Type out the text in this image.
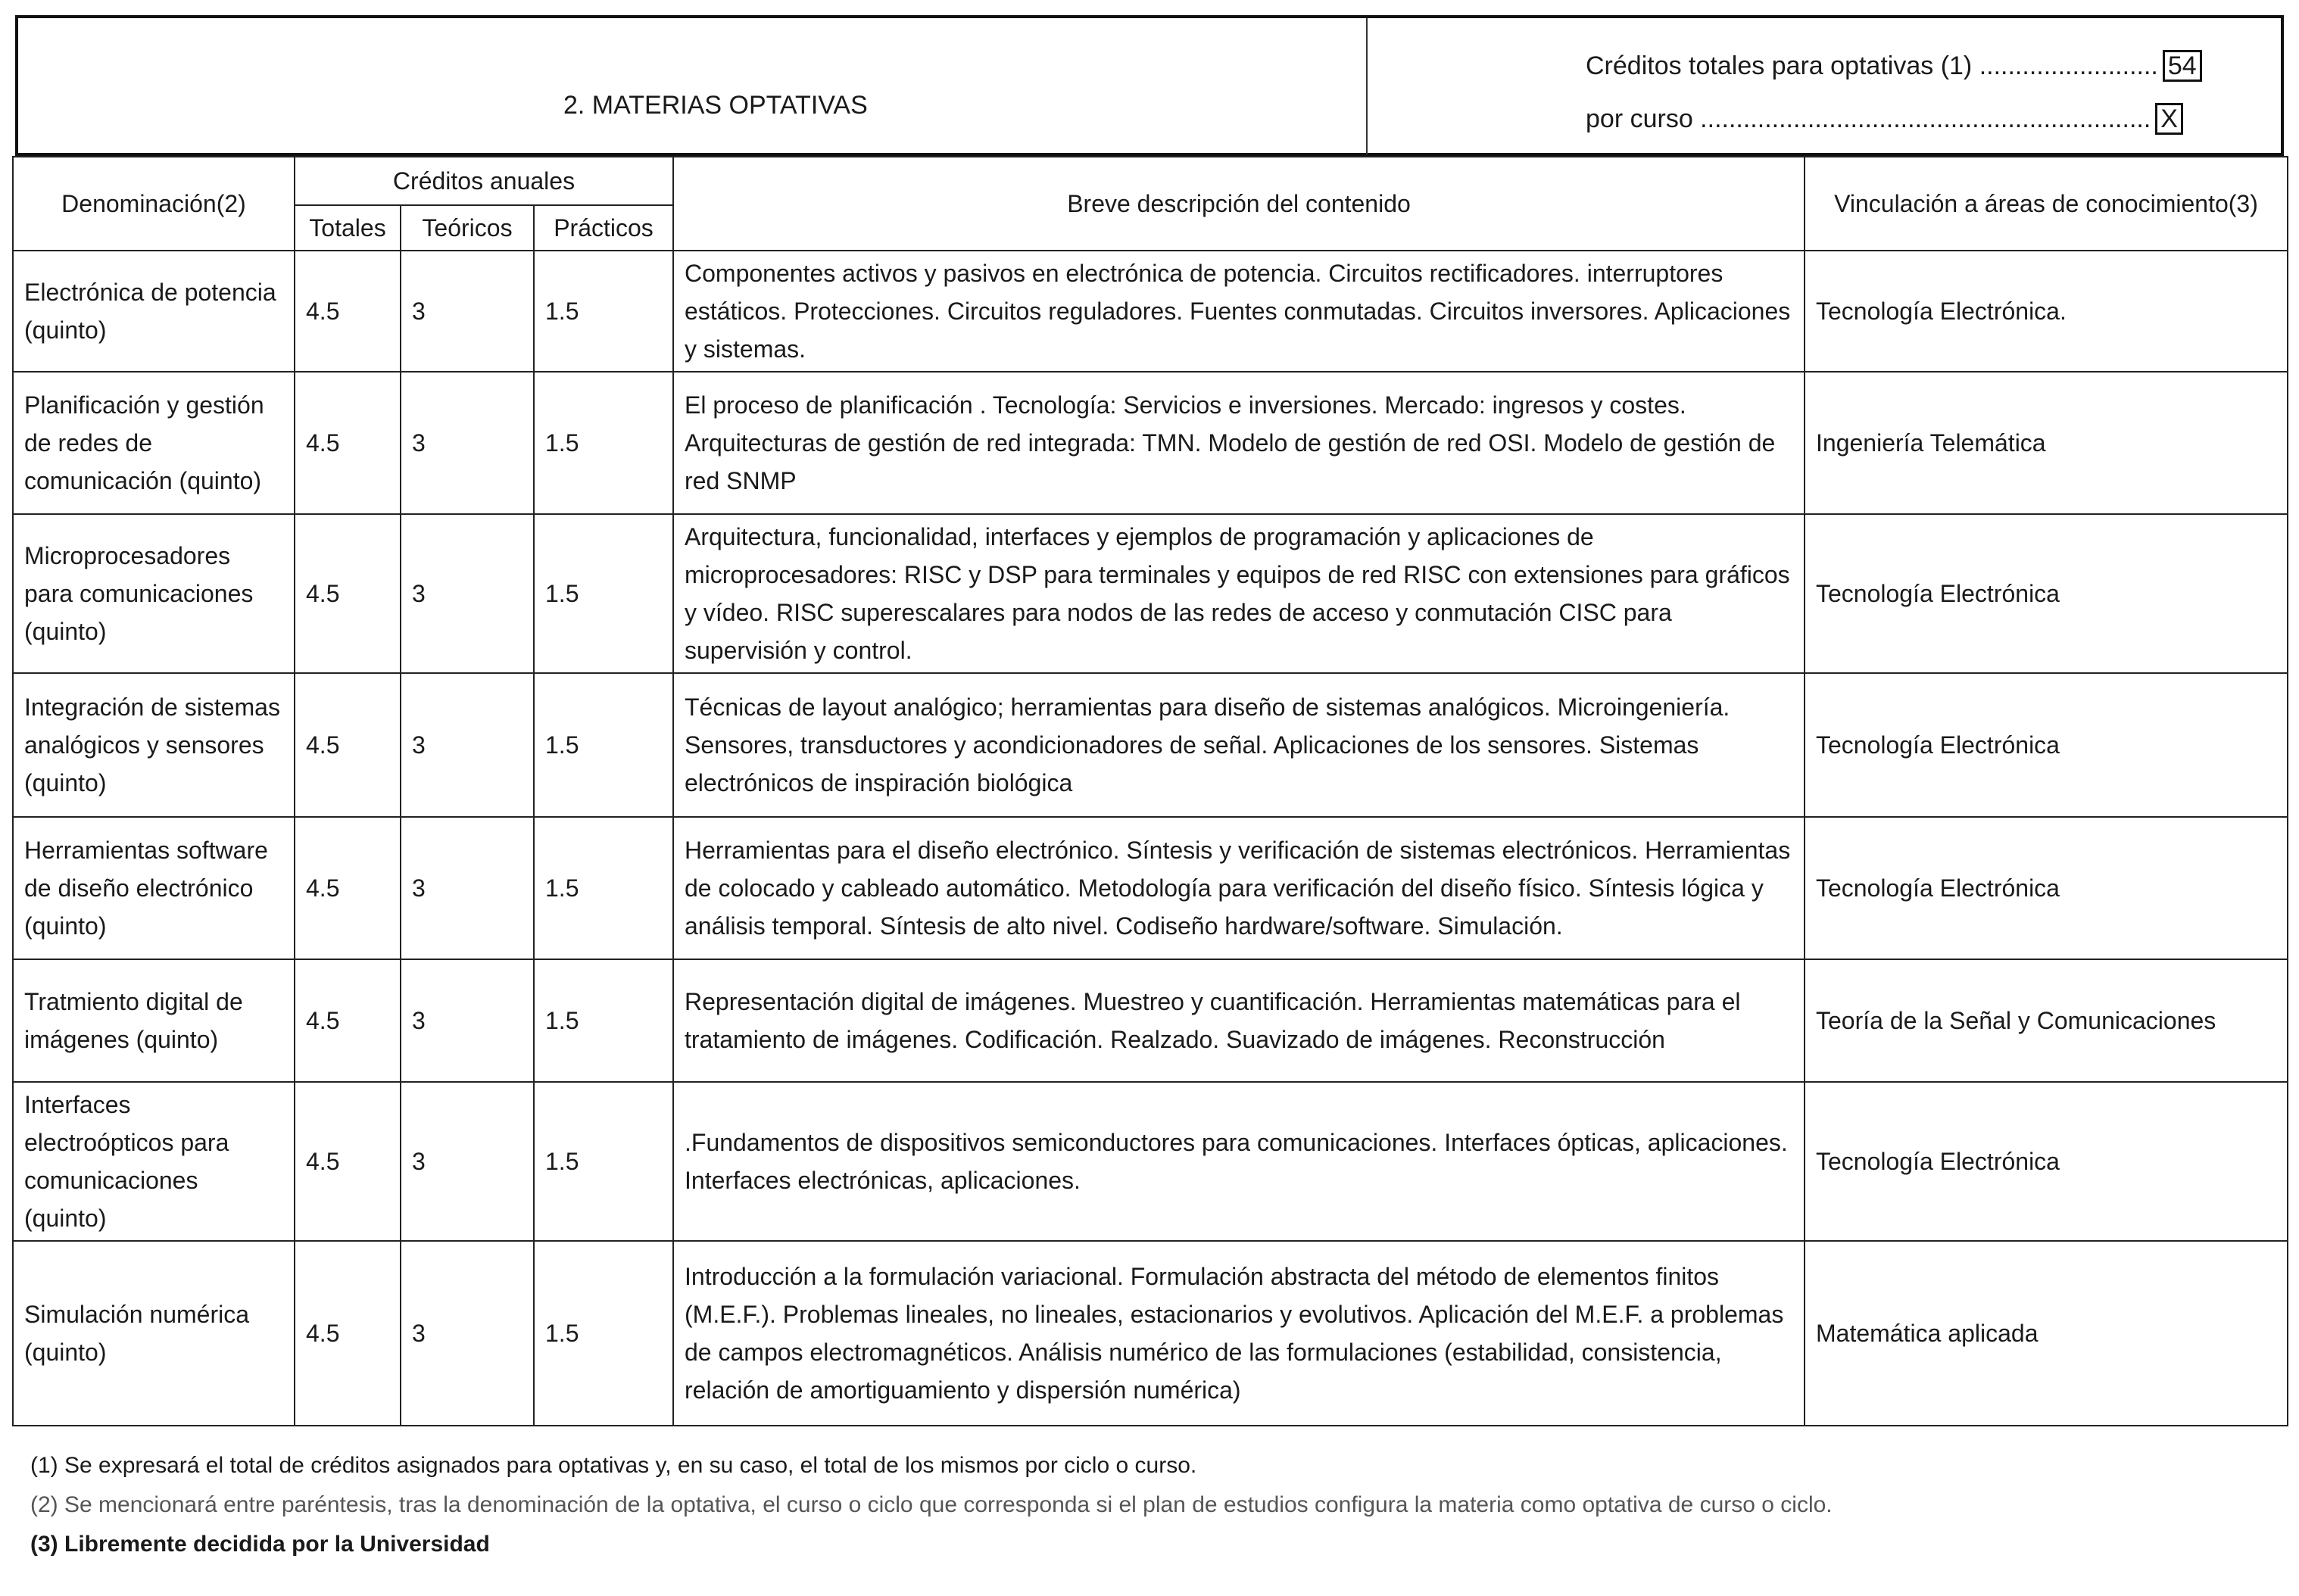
2. MATERIAS OPTATIVAS
Créditos totales para optativas (1) ......................... 54
por curso ............................................................... X
Denominación(2)	Créditos anuales			Breve descripción del contenido	Vinculación a áreas de conocimiento(3)
	Totales	Teóricos	Prácticos		
Electrónica de potencia (quinto)	4.5	3	1.5	Componentes activos y pasivos en electrónica de potencia. Circuitos rectificadores. interruptores estáticos. Protecciones. Circuitos reguladores. Fuentes conmutadas. Circuitos inversores. Aplicaciones y sistemas.	Tecnología Electrónica.
Planificación y gestión de redes de comunicación (quinto)	4.5	3	1.5	El proceso de planificación . Tecnología: Servicios e inversiones. Mercado: ingresos y costes. Arquitecturas de gestión de red integrada: TMN. Modelo de gestión de red OSI. Modelo de gestión de red SNMP	Ingeniería Telemática
Microprocesadores para comunicaciones (quinto)	4.5	3	1.5	Arquitectura, funcionalidad, interfaces y ejemplos de programación y aplicaciones de microprocesadores: RISC y DSP para terminales y equipos de red RISC con extensiones para gráficos y vídeo. RISC superescalares para nodos de las redes de acceso y conmutación CISC para supervisión y control.	Tecnología Electrónica
Integración de sistemas analógicos y sensores (quinto)	4.5	3	1.5	Técnicas de layout analógico; herramientas para diseño de sistemas analógicos. Microingeniería. Sensores, transductores y acondicionadores de señal. Aplicaciones de los sensores. Sistemas electrónicos de inspiración biológica	Tecnología Electrónica
Herramientas software de diseño electrónico (quinto)	4.5	3	1.5	Herramientas para el diseño electrónico. Síntesis y verificación de sistemas electrónicos. Herramientas de colocado y cableado automático. Metodología para verificación del diseño físico. Síntesis lógica y análisis temporal. Síntesis de alto nivel. Codiseño hardware/software. Simulación.	Tecnología Electrónica
Tratmiento digital de imágenes (quinto)	4.5	3	1.5	Representación digital de imágenes. Muestreo y cuantificación. Herramientas matemáticas para el tratamiento de imágenes. Codificación. Realzado. Suavizado de imágenes. Reconstrucción	Teoría de la Señal y Comunicaciones
Interfaces electroópticos para comunicaciones (quinto)	4.5	3	1.5	.Fundamentos de dispositivos semiconductores para comunicaciones. Interfaces ópticas, aplicaciones. Interfaces electrónicas, aplicaciones.	Tecnología Electrónica
Simulación numérica (quinto)	4.5	3	1.5	Introducción a la formulación variacional. Formulación abstracta del método de elementos finitos (M.E.F.). Problemas lineales, no lineales, estacionarios y evolutivos. Aplicación del M.E.F. a problemas de campos electromagnéticos. Análisis numérico de las formulaciones (estabilidad, consistencia, relación de amortiguamiento y dispersión numérica)	Matemática aplicada
(1) Se expresará el total de créditos asignados para optativas y, en su caso, el total de los mismos por ciclo o curso.
(2) Se mencionará entre paréntesis, tras la denominación de la optativa, el curso o ciclo que corresponda si el plan de estudios configura la materia como optativa de curso o ciclo.
(3) Libremente decidida por la Universidad
